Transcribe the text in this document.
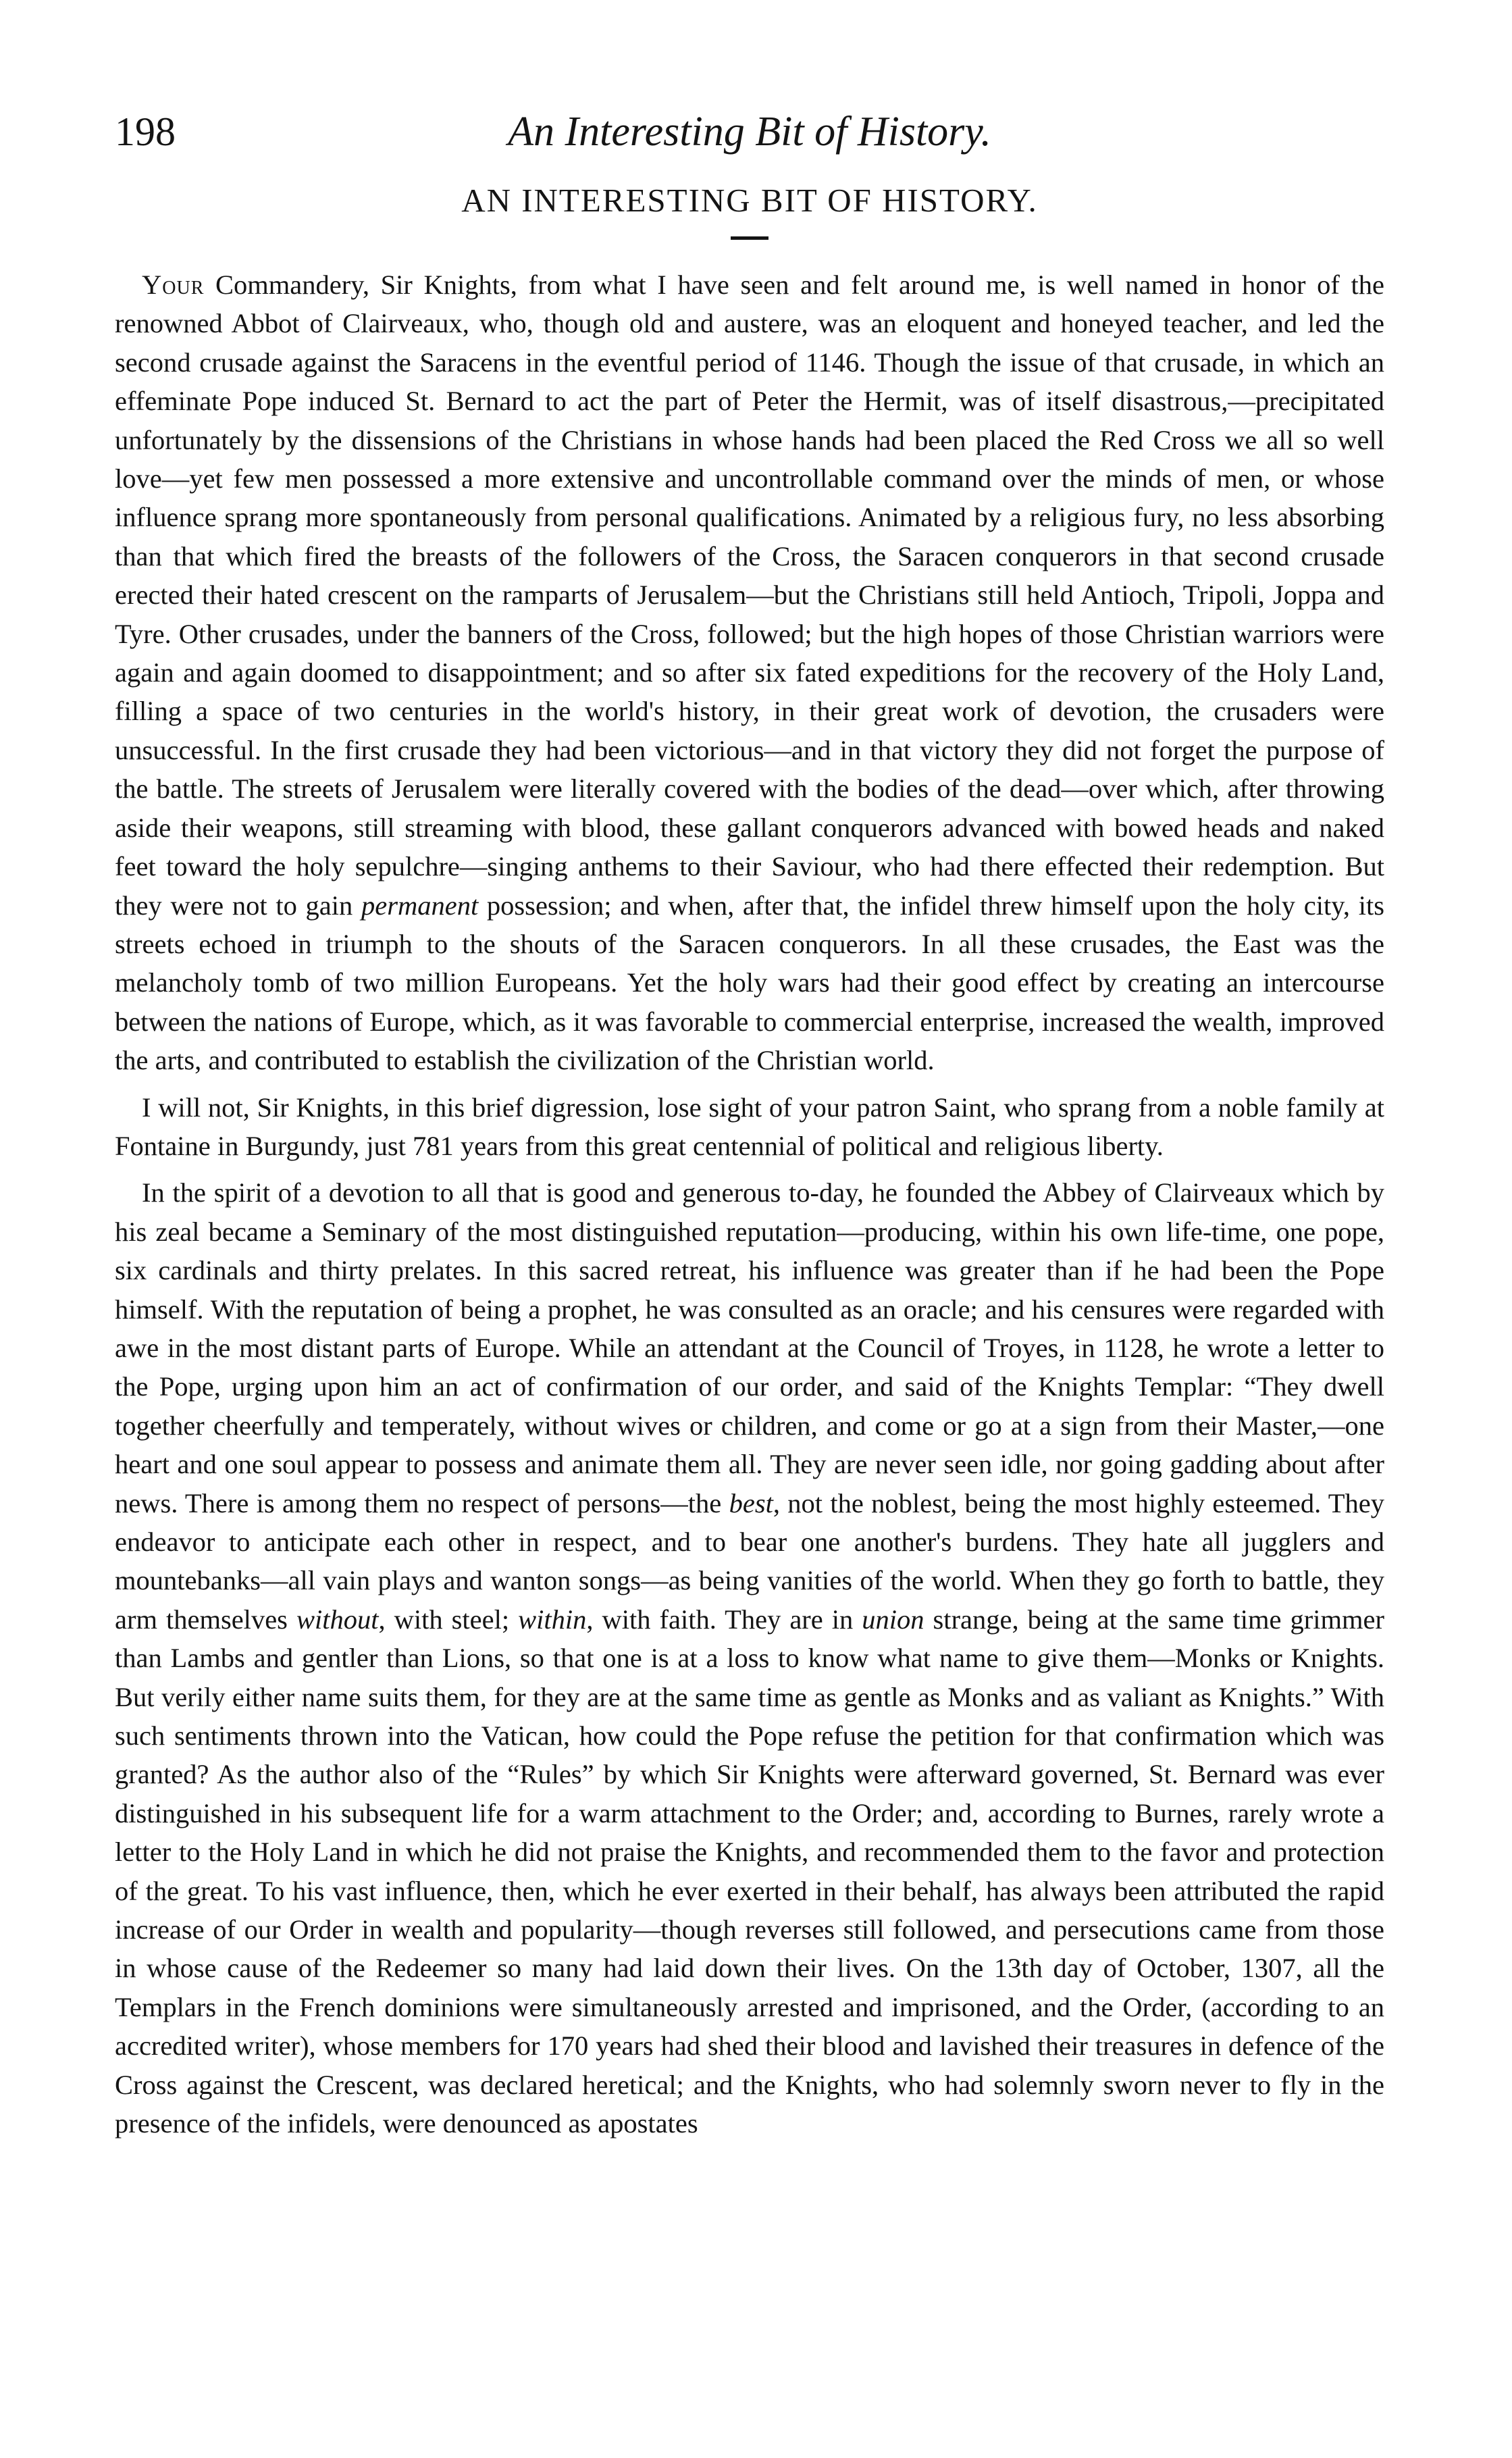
198	An Interesting Bit of History.
AN INTERESTING BIT OF HISTORY.

Your Commandery, Sir Knights, from what I have seen and felt around me, is well named in honor of the renowned Abbot of Clairveaux, who, though old and austere, was an eloquent and honeyed teacher, and led the second crusade against the Saracens in the eventful period of 1146. Though the issue of that crusade, in which an effeminate Pope induced St. Bernard to act the part of Peter the Hermit, was of itself disastrous,—precipitated unfortunately by the dissensions of the Christians in whose hands had been placed the Red Cross we all so well love—yet few men possessed a more extensive and uncontrollable command over the minds of men, or whose influence sprang more spontaneously from personal qualifications. Animated by a religious fury, no less absorbing than that which fired the breasts of the followers of the Cross, the Saracen conquerors in that second crusade erected their hated crescent on the ramparts of Jerusalem—but the Christians still held Antioch, Tripoli, Joppa and Tyre. Other crusades, under the banners of the Cross, followed; but the high hopes of those Christian warriors were again and again doomed to disappointment; and so after six fated expeditions for the recovery of the Holy Land, filling a space of two centuries in the world's history, in their great work of devotion, the crusaders were unsuccessful. In the first crusade they had been victorious—and in that victory they did not forget the purpose of the battle. The streets of Jerusalem were literally covered with the bodies of the dead—over which, after throwing aside their weapons, still streaming with blood, these gallant conquerors advanced with bowed heads and naked feet toward the holy sepulchre—singing anthems to their Saviour, who had there effected their redemption. But they were not to gain permanent possession; and when, after that, the infidel threw himself upon the holy city, its streets echoed in triumph to the shouts of the Saracen conquerors. In all these crusades, the East was the melancholy tomb of two million Europeans. Yet the holy wars had their good effect by creating an intercourse between the nations of Europe, which, as it was favorable to commercial enterprise, increased the wealth, improved the arts, and contributed to establish the civilization of the Christian world.

I will not, Sir Knights, in this brief digression, lose sight of your patron Saint, who sprang from a noble family at Fontaine in Burgundy, just 781 years from this great centennial of political and religious liberty.

In the spirit of a devotion to all that is good and generous to-day, he founded the Abbey of Clairveaux which by his zeal became a Seminary of the most distinguished reputation—producing, within his own life-time, one pope, six cardinals and thirty prelates. In this sacred retreat, his influence was greater than if he had been the Pope himself. With the reputation of being a prophet, he was consulted as an oracle; and his censures were regarded with awe in the most distant parts of Europe. While an attendant at the Council of Troyes, in 1128, he wrote a letter to the Pope, urging upon him an act of confirmation of our order, and said of the Knights Templar: “They dwell together cheerfully and temperately, without wives or children, and come or go at a sign from their Master,—one heart and one soul appear to possess and animate them all. They are never seen idle, nor going gadding about after news. There is among them no respect of persons—the best, not the noblest, being the most highly esteemed. They endeavor to anticipate each other in respect, and to bear one another's burdens. They hate all jugglers and mountebanks—all vain plays and wanton songs—as being vanities of the world. When they go forth to battle, they arm themselves without, with steel; within, with faith. They are in union strange, being at the same time grimmer than Lambs and gentler than Lions, so that one is at a loss to know what name to give them—Monks or Knights. But verily either name suits them, for they are at the same time as gentle as Monks and as valiant as Knights.” With such sentiments thrown into the Vatican, how could the Pope refuse the petition for that confirmation which was granted? As the author also of the “Rules” by which Sir Knights were afterward governed, St. Bernard was ever distinguished in his subsequent life for a warm attachment to the Order; and, according to Burnes, rarely wrote a letter to the Holy Land in which he did not praise the Knights, and recommended them to the favor and protection of the great. To his vast influence, then, which he ever exerted in their behalf, has always been attributed the rapid increase of our Order in wealth and popularity—though reverses still followed, and persecutions came from those in whose cause of the Redeemer so many had laid down their lives. On the 13th day of October, 1307, all the Templars in the French dominions were simultaneously arrested and imprisoned, and the Order, (according to an accredited writer), whose members for 170 years had shed their blood and lavished their treasures in defence of the Cross against the Crescent, was declared heretical; and the Knights, who had solemnly sworn never to fly in the presence of the infidels, were denounced as apostates
